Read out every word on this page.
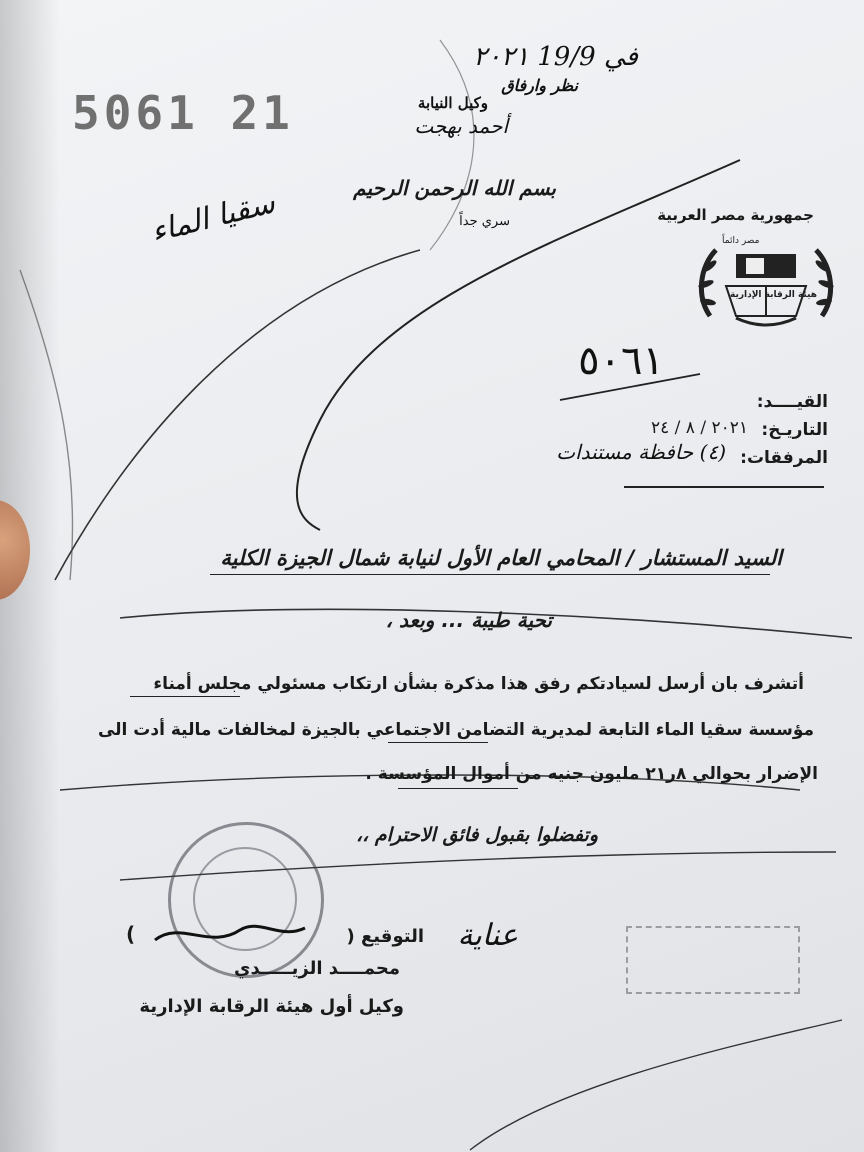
5061 21
في 19/9 ٢٠٢١
نظر وارفاق
وكيل النيابة
أحمد بهجت
بسم الله الرحمن الرحيم
سري جداً
سقيا الماء	جمهورية مصر العربية
مصر دائماً
هيئة الرقابة الإدارية
٥٠٦١
القيــــد:
التاريـخ:
٢٠٢١ / ٨ / ٢٤
المرفقات:
(٤) حافظة مستندات
السيد المستشار / المحامي العام الأول لنيابة شمال الجيزة الكلية
تحية طيبة ... وبعد ،
أتشرف بان أرسل لسيادتكم رفق هذا مذكرة بشأن ارتكاب مسئولي مجلس أمناء
مؤسسة سقيا الماء التابعة لمديرية التضامن الاجتماعي بالجيزة لمخالفات مالية أدت الى
الإضرار بحوالي ٨ر٢١ مليون جنيه من أموال المؤسسة .
وتفضلوا بقبول فائق الاحترام ،،
التوقيع (
)	عناية
محمــــد الزيـــــدي
وكيل أول هيئة الرقابة الإدارية
